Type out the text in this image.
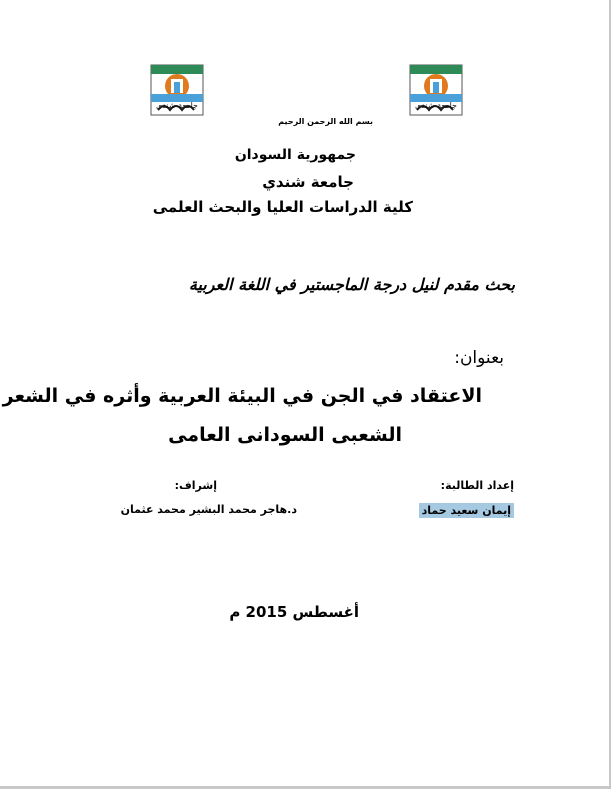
جامعة شندي	جامعة شندي
بسم الله الرحمن الرحيم
جمهورية السودان
جامعة شندي
كلية الدراسات العليا والبحث العلمى
بحث مقدم لنيل درجة الماجستير في اللغة العربية
بعنوان:
الاعتقاد في الجن في البيئة العربية وأثره في الشعر
الشعبى السودانى العامى
إعداد الطالبة:
إيمان سعيد حماد
إشراف:
د.هاجر محمد البشير محمد عثمان
أغسطس 2015 م
